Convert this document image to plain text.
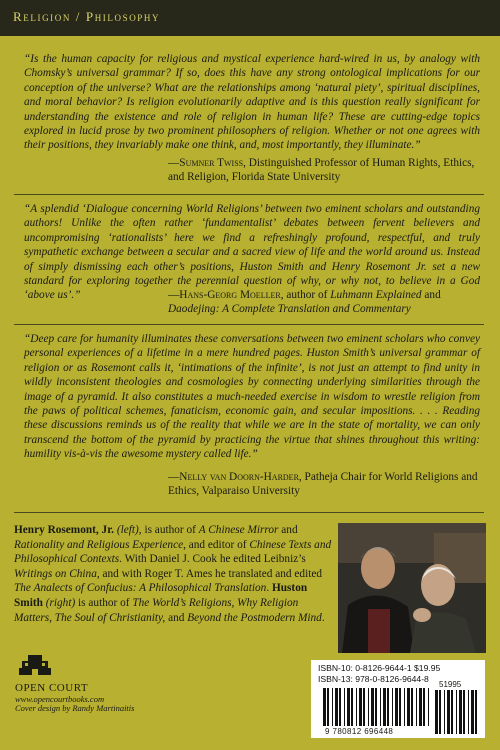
Religion / Philosophy
“Is the human capacity for religious and mystical experience hard-wired in us, by analogy with Chomsky’s universal grammar? If so, does this have any strong ontological implications for our conception of the universe? What are the relationships among ‘natural piety’, spiritual disciplines, and moral behavior? Is religion evolutionarily adaptive and is this question really significant for understanding the existence and role of religion in human life? These are cutting-edge topics explored in lucid prose by two prominent philosophers of religion. Whether or not one agrees with their positions, they invariably make one think, and, most importantly, they illuminate.”
—Sumner Twiss, Distinguished Professor of Human Rights, Ethics, and Religion, Florida State University
“A splendid ‘Dialogue concerning World Religions’ between two eminent scholars and outstanding authors! Unlike the often rather ‘fundamentalist’ debates between fervent believers and uncompromising ‘rationalists’ here we find a refreshingly profound, respectful, and truly sympathetic exchange between a secular and a sacred view of life and the world around us. Instead of simply dismissing each other’s positions, Huston Smith and Henry Rosemont Jr. set a new standard for exploring together the perennial question of why, or why not, to believe in a God ‘above us’.”	—Hans-Georg Moeller, author of Luhmann Explained and Daodejing: A Complete Translation and Commentary
“Deep care for humanity illuminates these conversations between two eminent scholars who convey personal experiences of a lifetime in a mere hundred pages. Huston Smith’s universal grammar of religion or as Rosemont calls it, ‘intimations of the infinite’, is not just an attempt to find unity in wildly inconsistent theologies and cosmologies by connecting underlying similarities through the image of a pyramid. It also constitutes a much-needed exercise in wisdom to wrestle religion from the paws of political schemes, fanaticism, economic gain, and secular impositions. . . . Reading these discussions reminds us of the reality that while we are in the state of mortality, we can only transcend the bottom of the pyramid by practicing the virtue that shines throughout this writing: humility vis-à-vis the awesome mystery called life.”
—Nelly van Doorn-Harder, Patheja Chair for World Religions and Ethics, Valparaiso University
Henry Rosemont, Jr. (left), is author of A Chinese Mirror and Rationality and Religious Experience, and editor of Chinese Texts and Philosophical Contexts. With Daniel J. Cook he edited Leibniz’s Writings on China, and with Roger T. Ames he translated and edited The Analects of Confucius: A Philosophical Translation. Huston Smith (right) is author of The World’s Religions, Why Religion Matters, The Soul of Christianity, and Beyond the Postmodern Mind.
OPEN COURT
www.opencourtbooks.com
Cover design by Randy Martinaitis
ISBN-10: 0-8126-9644-1 $19.95
ISBN-13: 978-0-8126-9644-8
51995
9 780812 696448
